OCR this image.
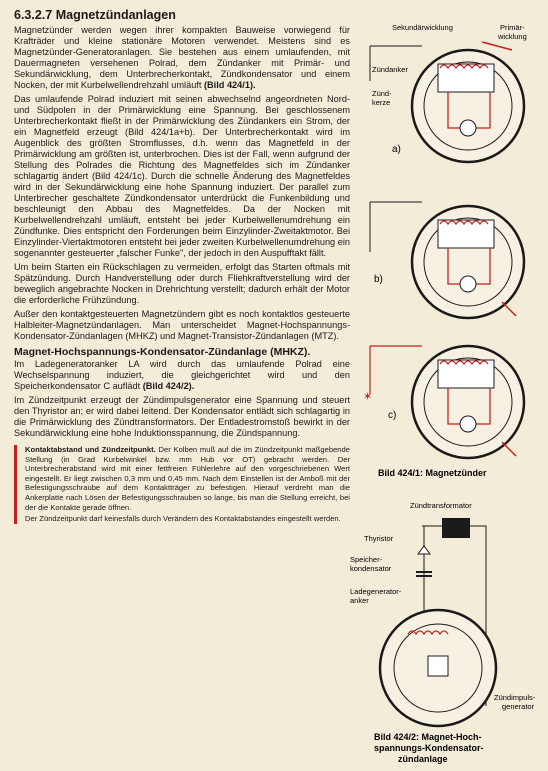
6.3.2.7 Magnetzündanlagen

Magnetzünder werden wegen ihrer kompakten Bauweise vorwiegend für Krafträder und kleine stationäre Motoren verwendet. Meistens sind es Magnetzünder-Generatoranlagen. Sie bestehen aus einem umlaufenden, mit Dauermagneten versehenen Polrad, dem Zündanker mit Primär- und Sekundärwicklung, dem Unterbrecherkontakt, Zündkondensator und einem Nocken, der mit Kurbelwellendrehzahl umläuft (Bild 424/1).

Das umlaufende Polrad induziert mit seinen abwechselnd angeordneten Nord- und Südpolen in der Primärwicklung eine Spannung. Bei geschlossenem Unterbrecherkontakt fließt in der Primärwicklung des Zündankers ein Strom, der ein Magnetfeld erzeugt (Bild 424/1a+b). Der Unterbrecherkontakt wird im Augenblick des größten Stromflusses, d.h. wenn das Magnetfeld in der Primärwicklung am größten ist, unterbrochen. Dies ist der Fall, wenn aufgrund der Stellung des Polrades die Richtung des Magnetfeldes sich im Zündanker schlagartig ändert (Bild 424/1c). Durch die schnelle Änderung des Magnetfeldes wird in der Sekundärwicklung eine hohe Spannung induziert. Der parallel zum Unterbrecher geschaltete Zündkondensator unterdrückt die Funkenbildung und beschleunigt den Abbau des Magnetfeldes. Da der Nocken mit Kurbelwellendrehzahl umläuft, entsteht bei jeder Kurbelwellenumdrehung ein Zündfunke. Dies entspricht den Forderungen beim Einzylinder-Zweitaktmotor. Bei Einzylinder-Viertaktmotoren entsteht bei jeder zweiten Kurbelwellenumdrehung ein sogenannter gesteuerter „falscher Funke", der jedoch in den Auspufftakt fällt.

Um beim Starten ein Rückschlagen zu vermeiden, erfolgt das Starten oftmals mit Spätzündung. Durch Handverstellung oder durch Fliehkraftverstellung wird der beweglich angebrachte Nocken in Drehrichtung verstellt; dadurch erhält der Motor die erforderliche Frühzündung.

Außer den kontaktgesteuerten Magnetzündern gibt es noch kontaktlos gesteuerte Halbleiter-Magnetzündanlagen. Man unterscheidet Magnet-Hochspannungs-Kondensator-Zündanlagen (MHKZ) und Magnet-Transistor-Zündanlagen (MTZ).

Magnet-Hochspannungs-Kondensator-Zündanlage (MHKZ).

Im Ladegeneratoranker LA wird durch das umlaufende Polrad eine Wechselspannung induziert, die gleichgerichtet wird und den Speicherkondensator C auflädt (Bild 424/2).

Im Zündzeitpunkt erzeugt der Zündimpulsgenerator eine Spannung und steuert den Thyristor an; er wird dabei leitend. Der Kondensator entlädt sich schlagartig in die Primärwicklung des Zündtransformators. Der Entladestromstoß bewirkt in der Sekundärwicklung eine hohe Induktionsspannung, die Zündspannung.

Kontaktabstand und Zündzeitpunkt. Der Kolben muß auf die im Zündzeitpunkt maßgebende Stellung (in Grad Kurbelwinkel bzw. mm Hub vor OT) gebracht werden. Der Unterbrecherabstand wird mit einer fettfreien Fühlerlehre auf den vorgeschriebenen Wert eingestellt. Er liegt zwischen 0,3 mm und 0,45 mm. Nach dem Einstellen ist der Amboß mit der Befestigungsschraube auf dem Kontaktträger zu befestigen. Hierauf verdreht man die Ankerplatte nach Lösen der Befestigungsschrauben so lange, bis man die Stellung erreicht, bei der die Kontakte gerade öffnen.

Der Zündzeitpunkt darf keinesfalls durch Verändern des Kontaktabstandes eingestellt werden.

Sekundärwicklung	Primär-
wicklung
Zündanker
Zünd-
kerze
a)
b)
✶
c)
Bild 424/1: Magnetzünder
Zündtransformator
Thyristor
Speicher-
kondensator
Ladegenerator-
anker
Zündimpuls-
generator
Bild 424/2: Magnet-Hoch-
spannungs-Kondensator-
zündanlage
